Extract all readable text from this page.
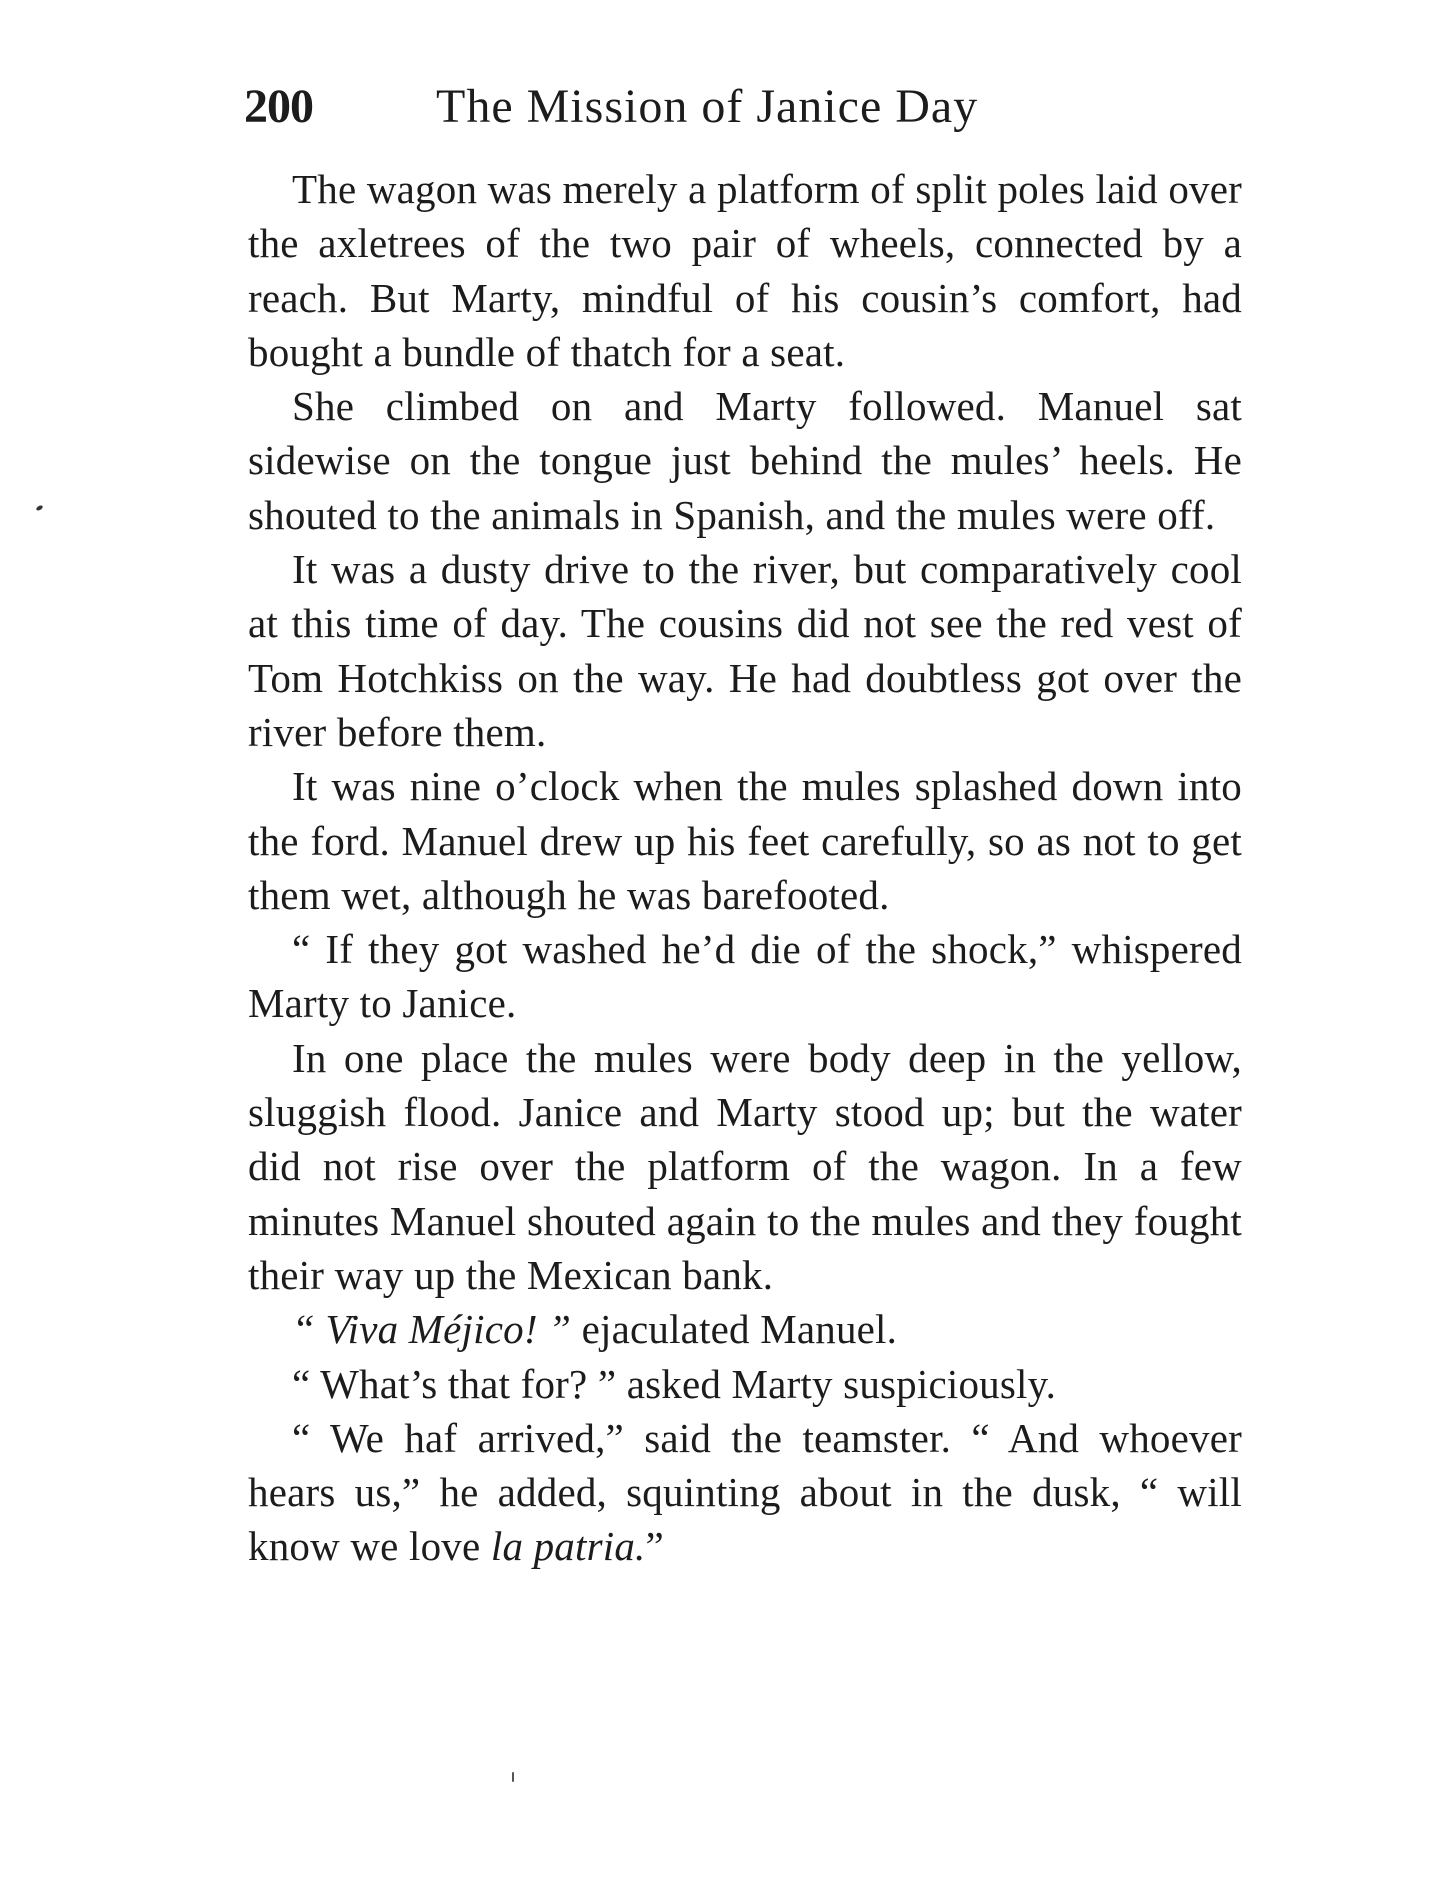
200	The Mission of Janice Day

The wagon was merely a platform of split poles laid over the axletrees of the two pair of wheels, connected by a reach. But Marty, mindful of his cousin’s comfort, had bought a bundle of thatch for a seat.

She climbed on and Marty followed. Manuel sat sidewise on the tongue just behind the mules’ heels. He shouted to the animals in Spanish, and the mules were off.

It was a dusty drive to the river, but comparatively cool at this time of day. The cousins did not see the red vest of Tom Hotchkiss on the way. He had doubtless got over the river before them.

It was nine o’clock when the mules splashed down into the ford. Manuel drew up his feet carefully, so as not to get them wet, although he was barefooted.

“ If they got washed he’d die of the shock,” whispered Marty to Janice.

In one place the mules were body deep in the yellow, sluggish flood. Janice and Marty stood up; but the water did not rise over the platform of the wagon. In a few minutes Manuel shouted again to the mules and they fought their way up the Mexican bank.

“ Viva Méjico! ” ejaculated Manuel.

“ What’s that for? ” asked Marty suspiciously.

“ We haf arrived,” said the teamster. “ And whoever hears us,” he added, squinting about in the dusk, “ will know we love la patria.”
